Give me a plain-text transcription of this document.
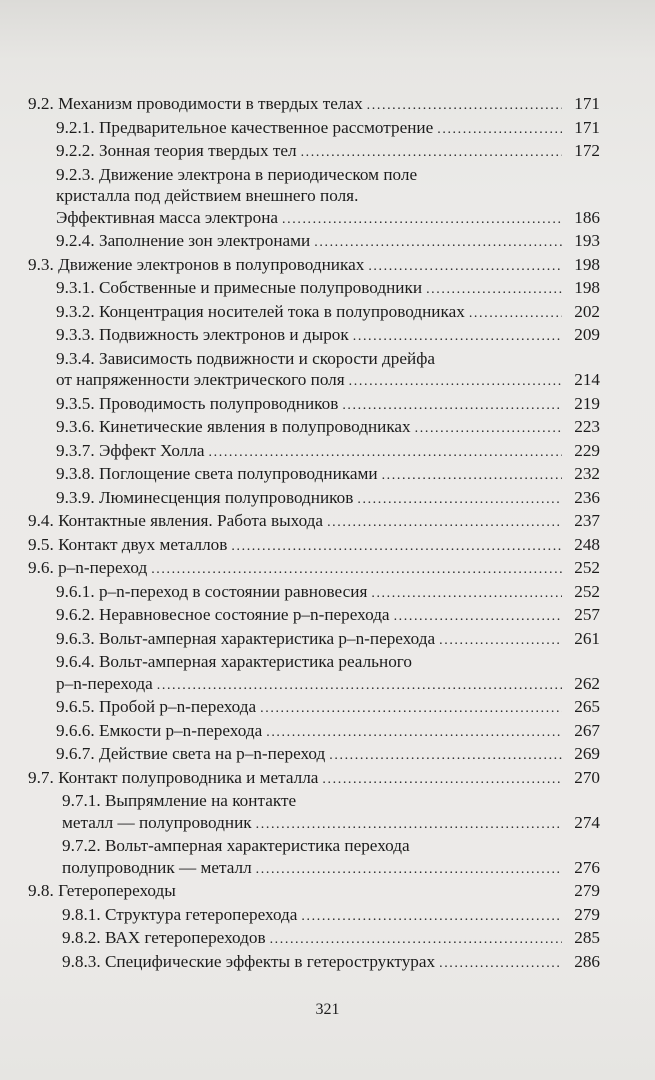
9.2. Механизм проводимости в твердых телах .....	171
9.2.1. Предварительное качественное рассмотрение .....	171
9.2.2. Зонная теория твердых тел .....	172
9.2.3. Движение электрона в периодическом поле
кристалла под действием внешнего поля.
Эффективная масса электрона .....	186
9.2.4. Заполнение зон электронами .....	193
9.3. Движение электронов в полупроводниках .....	198
9.3.1. Собственные и примесные полупроводники .....	198
9.3.2. Концентрация носителей тока в полупроводниках .....	202
9.3.3. Подвижность электронов и дырок .....	209
9.3.4. Зависимость подвижности и скорости дрейфа
от напряженности электрического поля .....	214
9.3.5. Проводимость полупроводников .....	219
9.3.6. Кинетические явления в полупроводниках .....	223
9.3.7. Эффект Холла .....	229
9.3.8. Поглощение света полупроводниками .....	232
9.3.9. Люминесценция полупроводников .....	236
9.4. Контактные явления. Работа выхода .....	237
9.5. Контакт двух металлов .....	248
9.6. p–n-переход .....	252
9.6.1. p–n-переход в состоянии равновесия .....	252
9.6.2. Неравновесное состояние p–n-перехода .....	257
9.6.3. Вольт-амперная характеристика p–n-перехода .....	261
9.6.4. Вольт-амперная характеристика реального
p–n-перехода .....	262
9.6.5. Пробой p–n-перехода .....	265
9.6.6. Емкости p–n-перехода .....	267
9.6.7. Действие света на p–n-переход .....	269
9.7. Контакт полупроводника и металла .....	270
9.7.1. Выпрямление на контакте
металл — полупроводник .....	274
9.7.2. Вольт-амперная характеристика перехода
полупроводник — металл .....	276
9.8. Гетеропереходы	279
9.8.1. Структура гетероперехода .....	279
9.8.2. ВАХ гетеропереходов .....	285
9.8.3. Специфические эффекты в гетероструктурах .....	286
321
